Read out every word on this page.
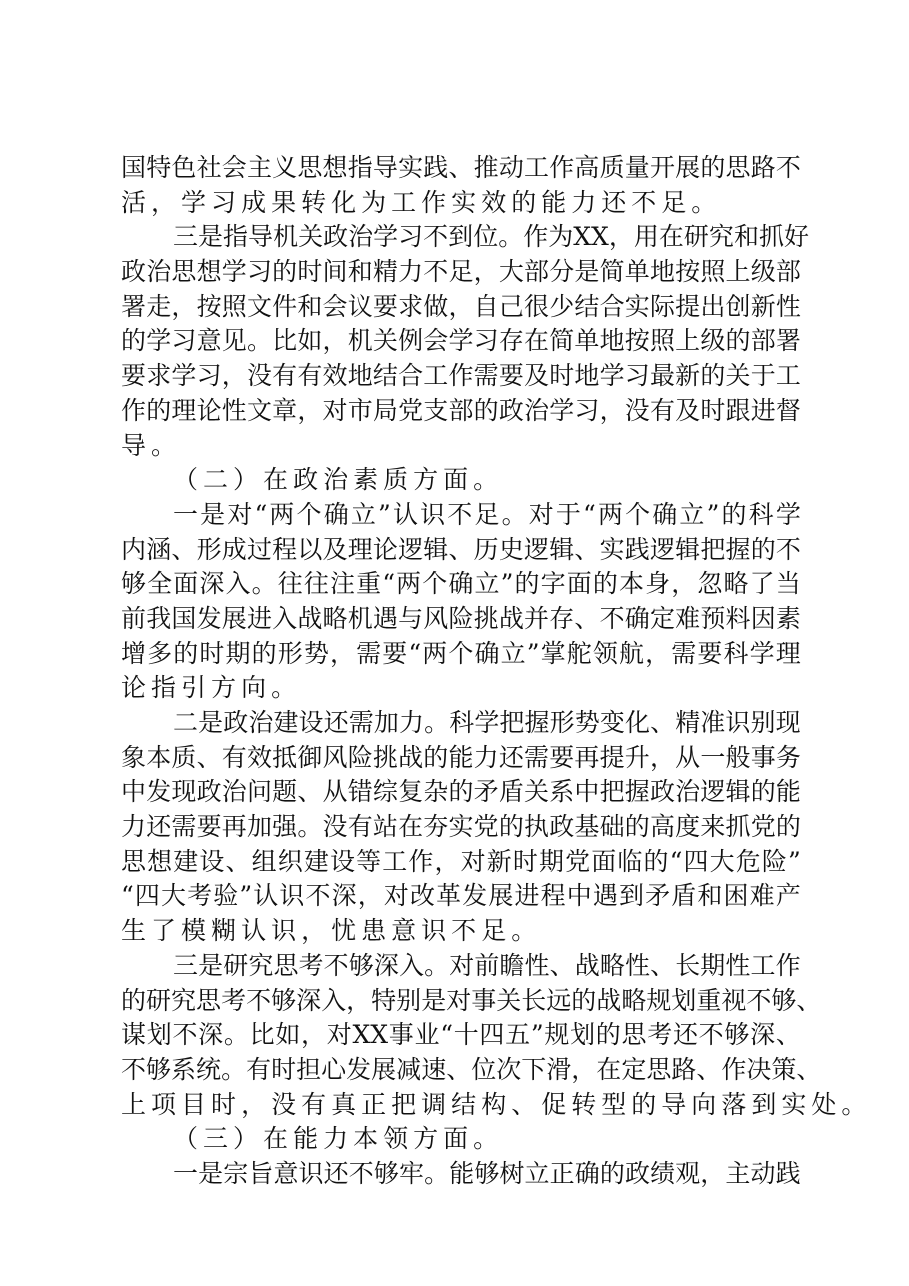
国 特 色 社 会 主 义 思 想 指 导 实 践 、 推 动 工 作 高 质 量 开 展 的 思 路 不
活 ， 学 习 成 果 转 化 为 工 作 实 效 的 能 力 还 不 足 。
三 是 指 导 机 关 政 治 学 习 不 到 位 。 作 为 XX ， 用 在 研 究 和 抓 好
政 治 思 想 学 习 的 时 间 和 精 力 不 足 ， 大 部 分 是 简 单 地 按 照 上 级 部
署 走 ， 按 照 文 件 和 会 议 要 求 做 ， 自 己 很 少 结 合 实 际 提 出 创 新 性
的 学 习 意 见 。 比 如 ， 机 关 例 会 学 习 存 在 简 单 地 按 照 上 级 的 部 署
要 求 学 习 ， 没 有 有 效 地 结 合 工 作 需 要 及 时 地 学 习 最 新 的 关 于 工
作 的 理 论 性 文 章 ， 对 市 局 党 支 部 的 政 治 学 习 ， 没 有 及 时 跟 进 督
导 。
（ 二 ） 在 政 治 素 质 方 面 。
一 是 对 “ 两 个 确 立 ” 认 识 不 足 。 对 于 “ 两 个 确 立 ” 的 科 学
内 涵 、 形 成 过 程 以 及 理 论 逻 辑 、 历 史 逻 辑 、 实 践 逻 辑 把 握 的 不
够 全 面 深 入 。 往 往 注 重 “ 两 个 确 立 ” 的 字 面 的 本 身 ， 忽 略 了 当
前 我 国 发 展 进 入 战 略 机 遇 与 风 险 挑 战 并 存 、 不 确 定 难 预 料 因 素
增 多 的 时 期 的 形 势 ， 需 要 “ 两 个 确 立 ” 掌 舵 领 航 ， 需 要 科 学 理
论 指 引 方 向 。
二 是 政 治 建 设 还 需 加 力 。 科 学 把 握 形 势 变 化 、 精 准 识 别 现
象 本 质 、 有 效 抵 御 风 险 挑 战 的 能 力 还 需 要 再 提 升 ， 从 一 般 事 务
中 发 现 政 治 问 题 、 从 错 综 复 杂 的 矛 盾 关 系 中 把 握 政 治 逻 辑 的 能
力 还 需 要 再 加 强 。 没 有 站 在 夯 实 党 的 执 政 基 础 的 高 度 来 抓 党 的
思 想 建 设 、 组 织 建 设 等 工 作 ， 对 新 时 期 党 面 临 的 “ 四 大 危 险 ”
“ 四 大 考 验 ” 认 识 不 深 ， 对 改 革 发 展 进 程 中 遇 到 矛 盾 和 困 难 产
生 了 模 糊 认 识 ， 忧 患 意 识 不 足 。
三 是 研 究 思 考 不 够 深 入 。 对 前 瞻 性 、 战 略 性 、 长 期 性 工 作
的 研 究 思 考 不 够 深 入 ， 特 别 是 对 事 关 长 远 的 战 略 规 划 重 视 不 够 、
谋 划 不 深 。 比 如 ， 对 XX 事 业 “ 十 四 五 ” 规 划 的 思 考 还 不 够 深 、
不 够 系 统 。 有 时 担 心 发 展 减 速 、 位 次 下 滑 ， 在 定 思 路 、 作 决 策 、
上 项 目 时 ， 没 有 真 正 把 调 结 构 、 促 转 型 的 导 向 落 到 实 处 。
（ 三 ） 在 能 力 本 领 方 面 。
一 是 宗 旨 意 识 还 不 够 牢 。 能 够 树 立 正 确 的 政 绩 观 ， 主 动 践
